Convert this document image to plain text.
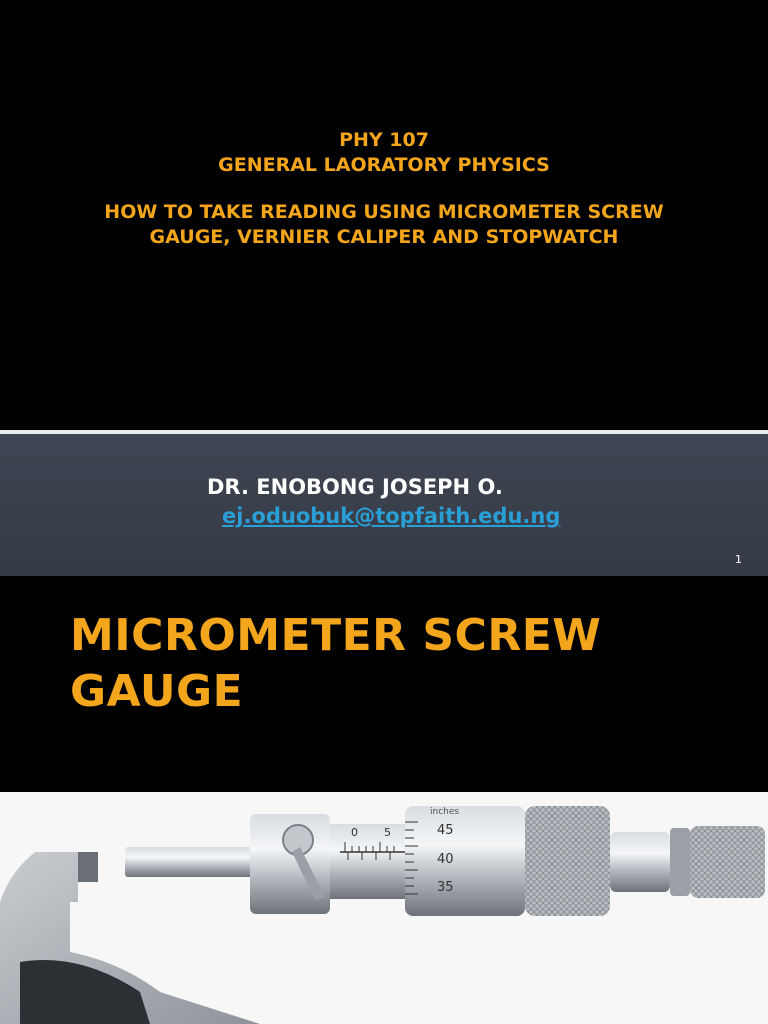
PHY 107
GENERAL LAORATORY PHYSICS
HOW TO TAKE READING USING MICROMETER SCREW
GAUGE, VERNIER CALIPER AND STOPWATCH
DR. ENOBONG JOSEPH O.
ej.oduobuk@topfaith.edu.ng
1
MICROMETER SCREW
GAUGE
0 5	45
40
35
inches
